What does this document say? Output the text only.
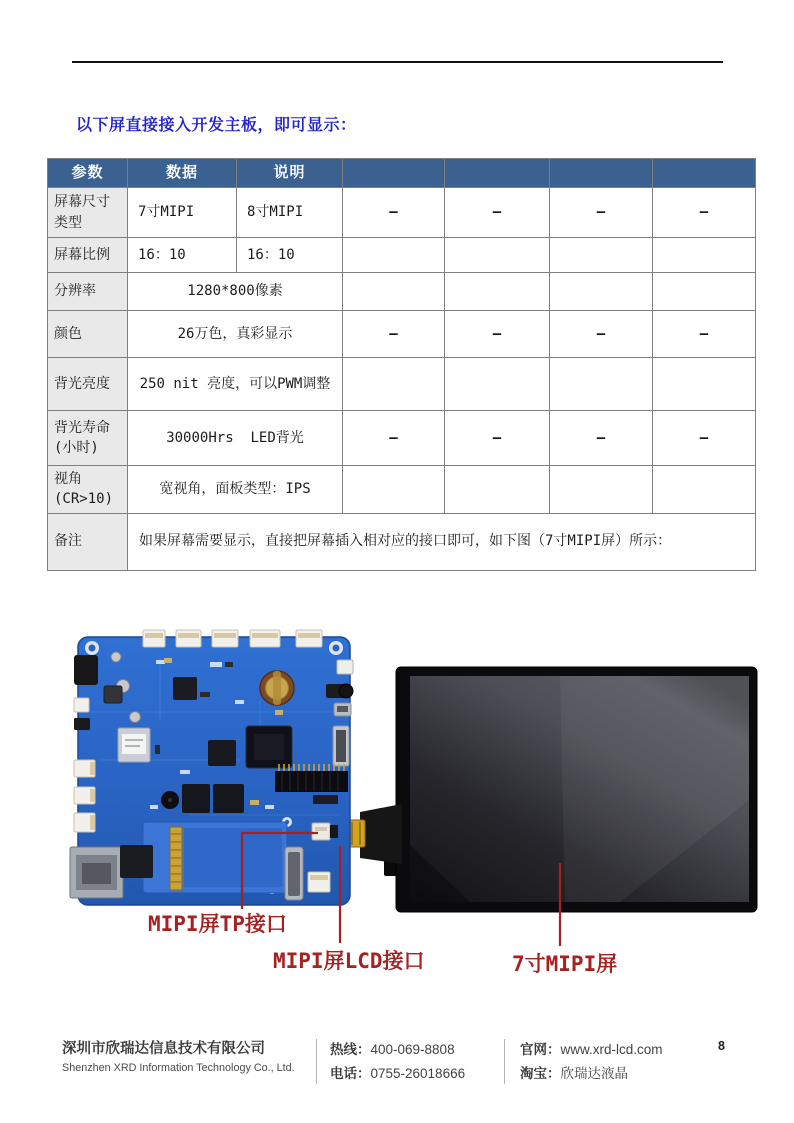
以下屏直接接入开发主板，即可显示：
参数	数据	说明				
屏幕尺寸类型	7寸MIPI	8寸MIPI	–	–	–	–
屏幕比例	16：10	16：10				
分辨率	1280*800像素					
颜色	26万色，真彩显示		–	–	–	–
背光亮度	250 nit 亮度，可以PWM调整					
背光寿命(小时)	30000Hrs  LED背光		–	–	–	–
视角(CR>10)	宽视角，面板类型：IPS					
备注	如果屏幕需要显示，直接把屏幕插入相对应的接口即可，如下图（7寸MIPI屏）所示：					
MIPI屏TP接口
MIPI屏LCD接口	7寸MIPI屏
深圳市欣瑞达信息技术有限公司
Shenzhen XRD Information Technology Co., Ltd.
热线：400-069-8808
电话：0755-26018666
官网：www.xrd-lcd.com
淘宝：欣瑞达液晶
8
